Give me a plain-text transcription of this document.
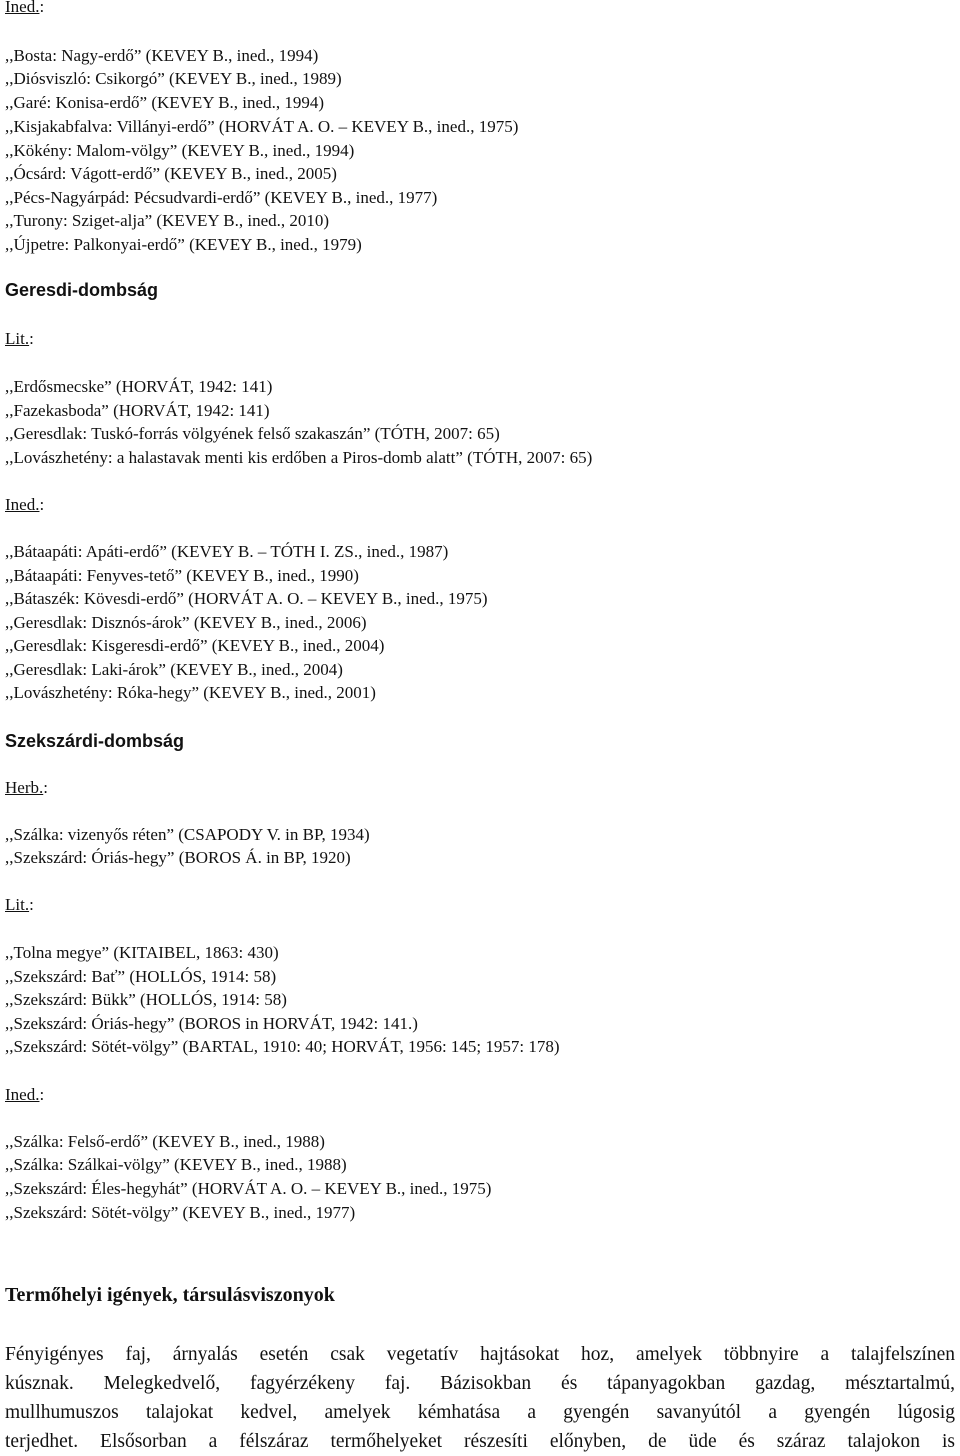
Ined.:
,,Bosta: Nagy-erdő” (KEVEY B., ined., 1994)
,,Diósviszló: Csikorgó” (KEVEY B., ined., 1989)
,,Garé: Konisa-erdő” (KEVEY B., ined., 1994)
,,Kisjakabfalva: Villányi-erdő” (HORVÁT A. O. – KEVEY B., ined., 1975)
,,Kökény: Malom-völgy” (KEVEY B., ined., 1994)
,,Ócsárd: Vágott-erdő” (KEVEY B., ined., 2005)
,,Pécs-Nagyárpád: Pécsudvardi-erdő” (KEVEY B., ined., 1977)
,,Turony: Sziget-alja” (KEVEY B., ined., 2010)
,,Újpetre: Palkonyai-erdő” (KEVEY B., ined., 1979)
Geresdi-dombság
Lit.:
,,Erdősmecske” (HORVÁT, 1942: 141)
,,Fazekasboda” (HORVÁT, 1942: 141)
,,Geresdlak: Tuskó-forrás völgyének felső szakaszán” (TÓTH, 2007: 65)
,,Lovászhetény: a halastavak menti kis erdőben a Piros-domb alatt” (TÓTH, 2007: 65)
Ined.:
,,Bátaapáti: Apáti-erdő” (KEVEY B. – TÓTH I. ZS., ined., 1987)
,,Bátaapáti: Fenyves-tető” (KEVEY B., ined., 1990)
,,Bátaszék: Kövesdi-erdő” (HORVÁT A. O. – KEVEY B., ined., 1975)
,,Geresdlak: Disznós-árok” (KEVEY B., ined., 2006)
,,Geresdlak: Kisgeresdi-erdő” (KEVEY B., ined., 2004)
,,Geresdlak: Laki-árok” (KEVEY B., ined., 2004)
,,Lovászhetény: Róka-hegy” (KEVEY B., ined., 2001)
Szekszárdi-dombság
Herb.:
,,Szálka: vizenyős réten” (CSAPODY V. in BP, 1934)
,,Szekszárd: Óriás-hegy” (BOROS Á. in BP, 1920)
Lit.:
,,Tolna megye” (KITAIBEL, 1863: 430)
,,Szekszárd: Bať” (HOLLÓS, 1914: 58)
,,Szekszárd: Bükk” (HOLLÓS, 1914: 58)
,,Szekszárd: Óriás-hegy” (BOROS in HORVÁT, 1942: 141.)
,,Szekszárd: Sötét-völgy” (BARTAL, 1910: 40; HORVÁT, 1956: 145; 1957: 178)
Ined.:
,,Szálka: Felső-erdő” (KEVEY B., ined., 1988)
,,Szálka: Szálkai-völgy” (KEVEY B., ined., 1988)
,,Szekszárd: Éles-hegyhát” (HORVÁT A. O. – KEVEY B., ined., 1975)
,,Szekszárd: Sötét-völgy” (KEVEY B., ined., 1977)
Termőhelyi igények, társulásviszonyok
Fényigényes faj, árnyalás esetén csak vegetatív hajtásokat hoz, amelyek többnyire a talajfelszínen
kúsznak. Melegkedvelő, fagyérzékeny faj. Bázisokban és tápanyagokban gazdag, mésztartalmú,
mullhumuszos talajokat kedvel, amelyek kémhatása a gyengén savanyútól a gyengén lúgosig
terjedhet. Elsősorban a félszáraz termőhelyeket részesíti előnyben, de üde és száraz talajokon is
